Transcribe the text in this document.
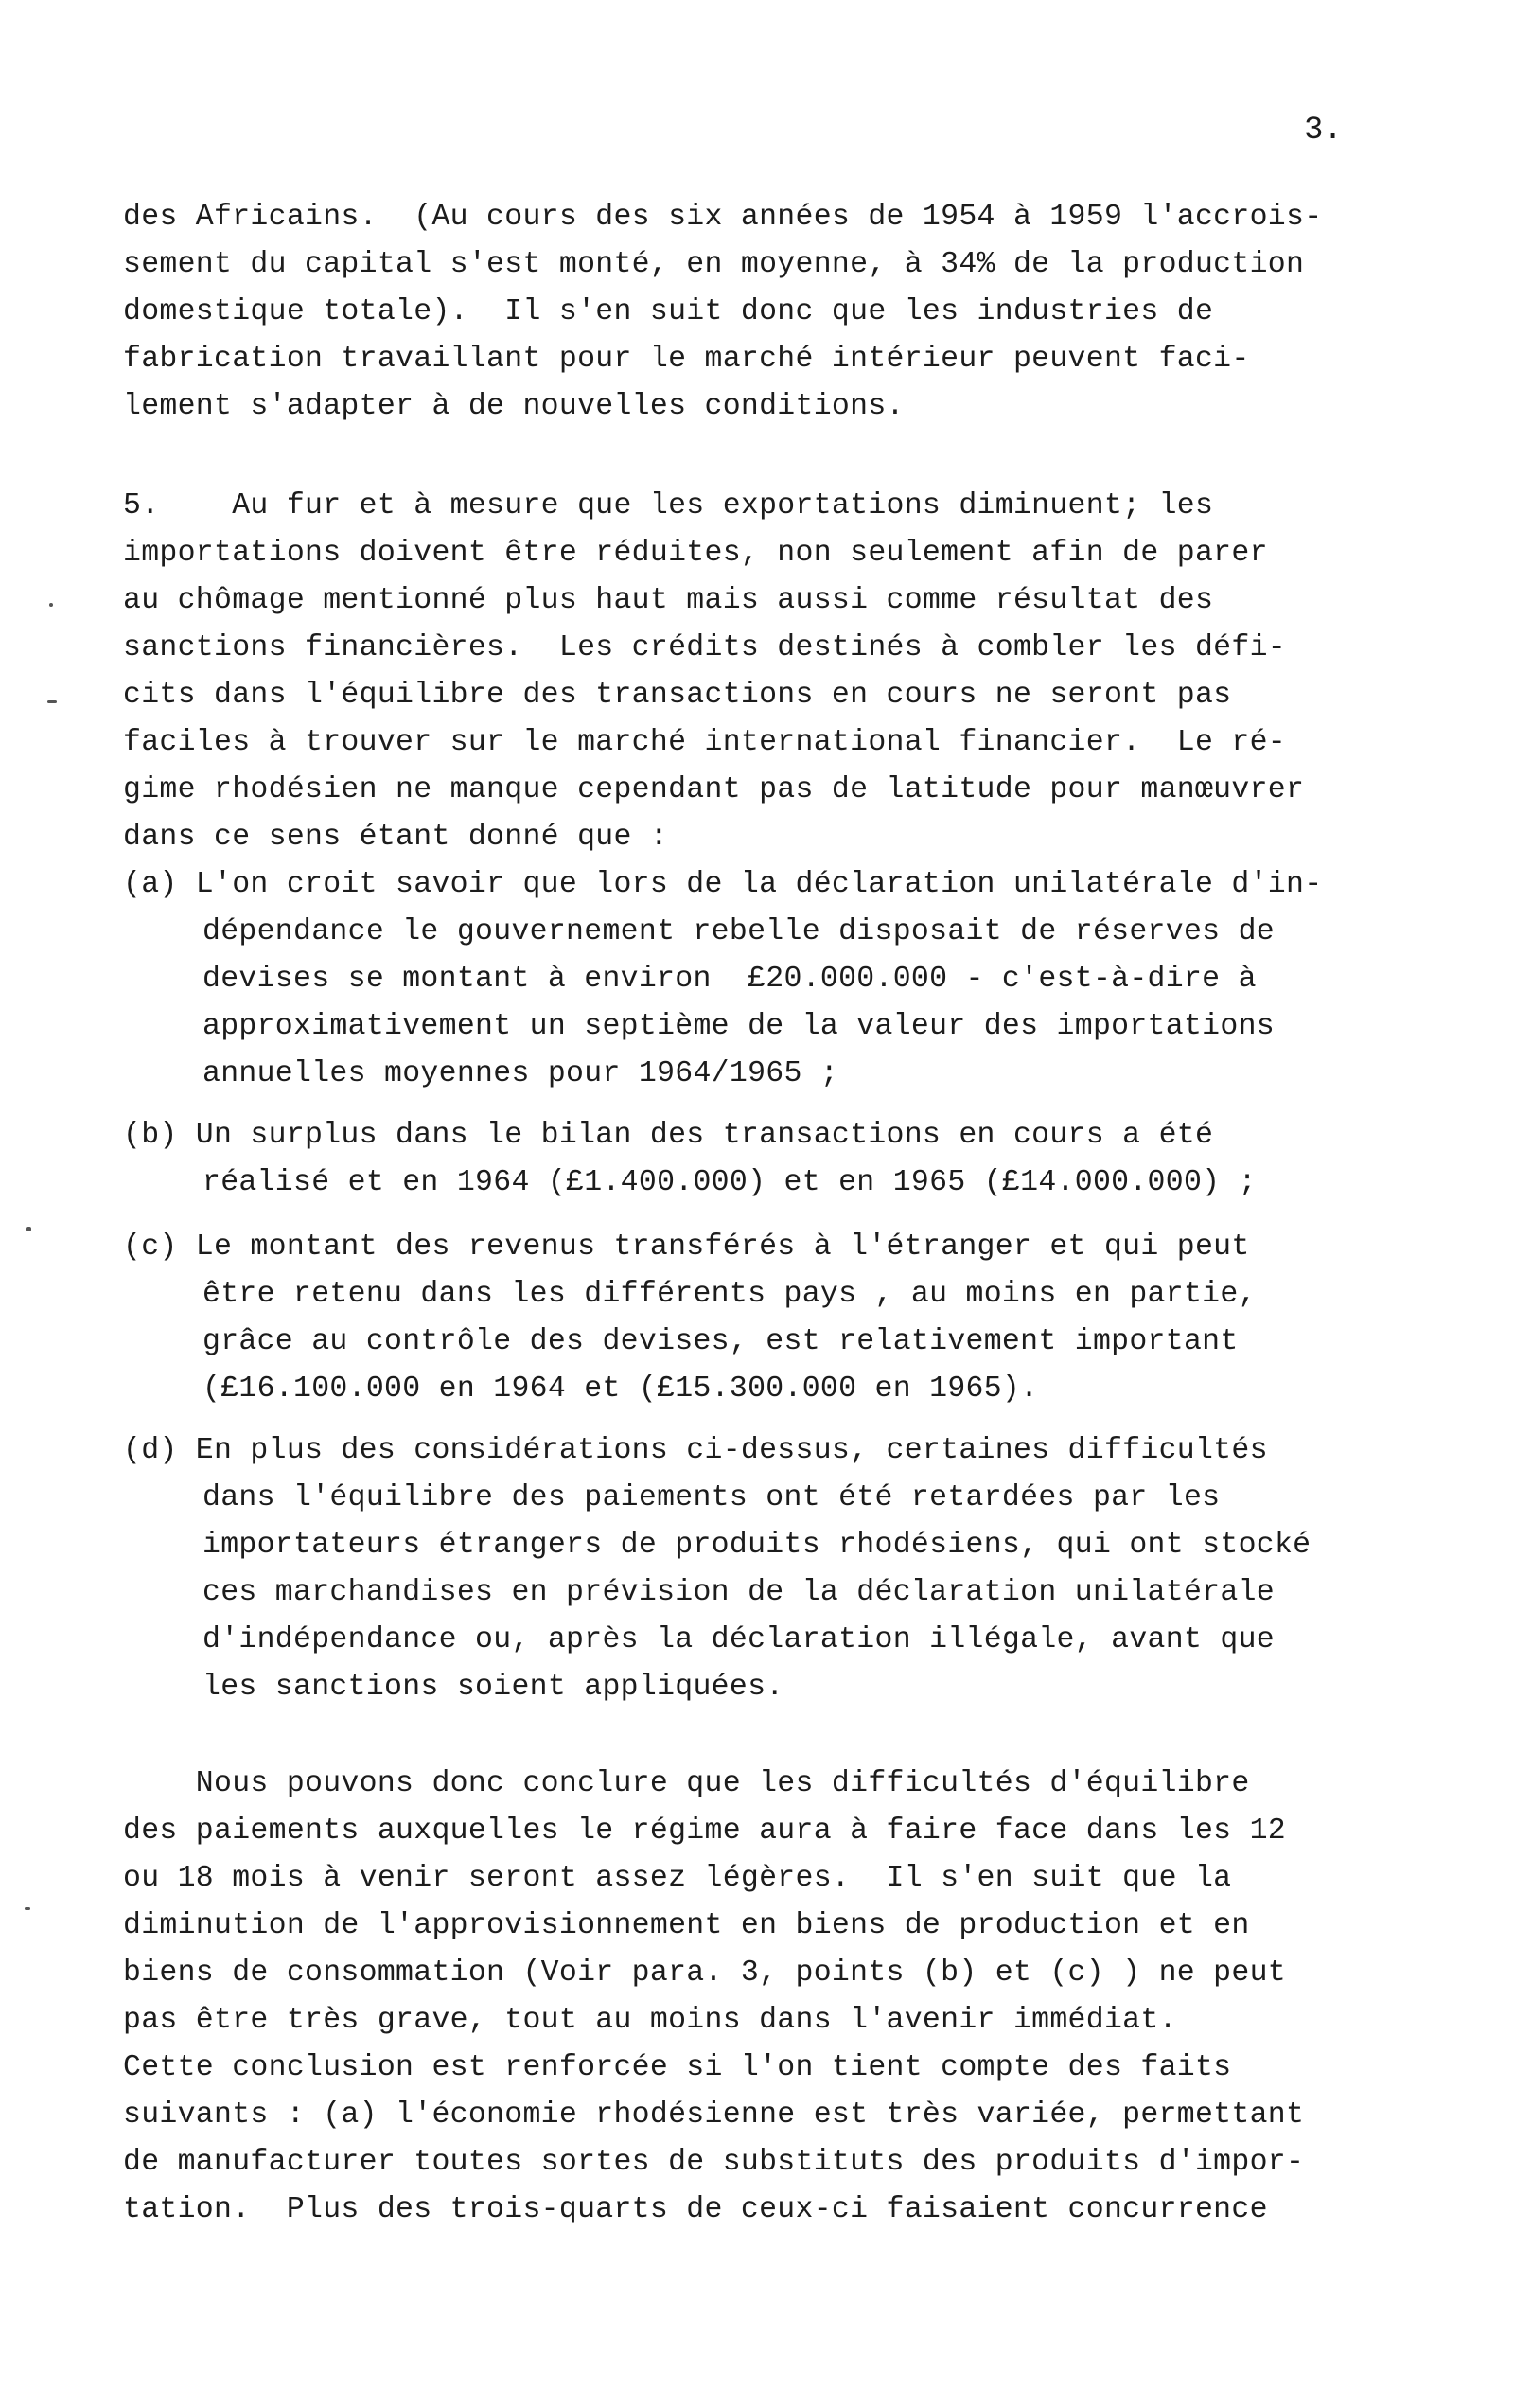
3.
des Africains.  (Au cours des six années de 1954 à 1959 l'accrois-
sement du capital s'est monté, en moyenne, à 34% de la production
domestique totale).  Il s'en suit donc que les industries de
fabrication travaillant pour le marché intérieur peuvent faci-
lement s'adapter à de nouvelles conditions.
5.    Au fur et à mesure que les exportations diminuent; les
importations doivent être réduites, non seulement afin de parer
au chômage mentionné plus haut mais aussi comme résultat des
sanctions financières.  Les crédits destinés à combler les défi-
cits dans l'équilibre des transactions en cours ne seront pas
faciles à trouver sur le marché international financier.  Le ré-
gime rhodésien ne manque cependant pas de latitude pour manœuvrer
dans ce sens étant donné que :
(a) L'on croit savoir que lors de la déclaration unilatérale d'in-
dépendance le gouvernement rebelle disposait de réserves de
devises se montant à environ  £20.000.000 - c'est-à-dire à
approximativement un septième de la valeur des importations
annuelles moyennes pour 1964/1965 ;
(b) Un surplus dans le bilan des transactions en cours a été
réalisé et en 1964 (£1.400.000) et en 1965 (£14.000.000) ;
(c) Le montant des revenus transférés à l'étranger et qui peut
être retenu dans les différents pays , au moins en partie,
grâce au contrôle des devises, est relativement important
(£16.100.000 en 1964 et (£15.300.000 en 1965).
(d) En plus des considérations ci-dessus, certaines difficultés
dans l'équilibre des paiements ont été retardées par les
importateurs étrangers de produits rhodésiens, qui ont stocké
ces marchandises en prévision de la déclaration unilatérale
d'indépendance ou, après la déclaration illégale, avant que
les sanctions soient appliquées.
Nous pouvons donc conclure que les difficultés d'équilibre
des paiements auxquelles le régime aura à faire face dans les 12
ou 18 mois à venir seront assez légères.  Il s'en suit que la
diminution de l'approvisionnement en biens de production et en
biens de consommation (Voir para. 3, points (b) et (c) ) ne peut
pas être très grave, tout au moins dans l'avenir immédiat.
Cette conclusion est renforcée si l'on tient compte des faits
suivants : (a) l'économie rhodésienne est très variée, permettant
de manufacturer toutes sortes de substituts des produits d'impor-
tation.  Plus des trois-quarts de ceux-ci faisaient concurrence
